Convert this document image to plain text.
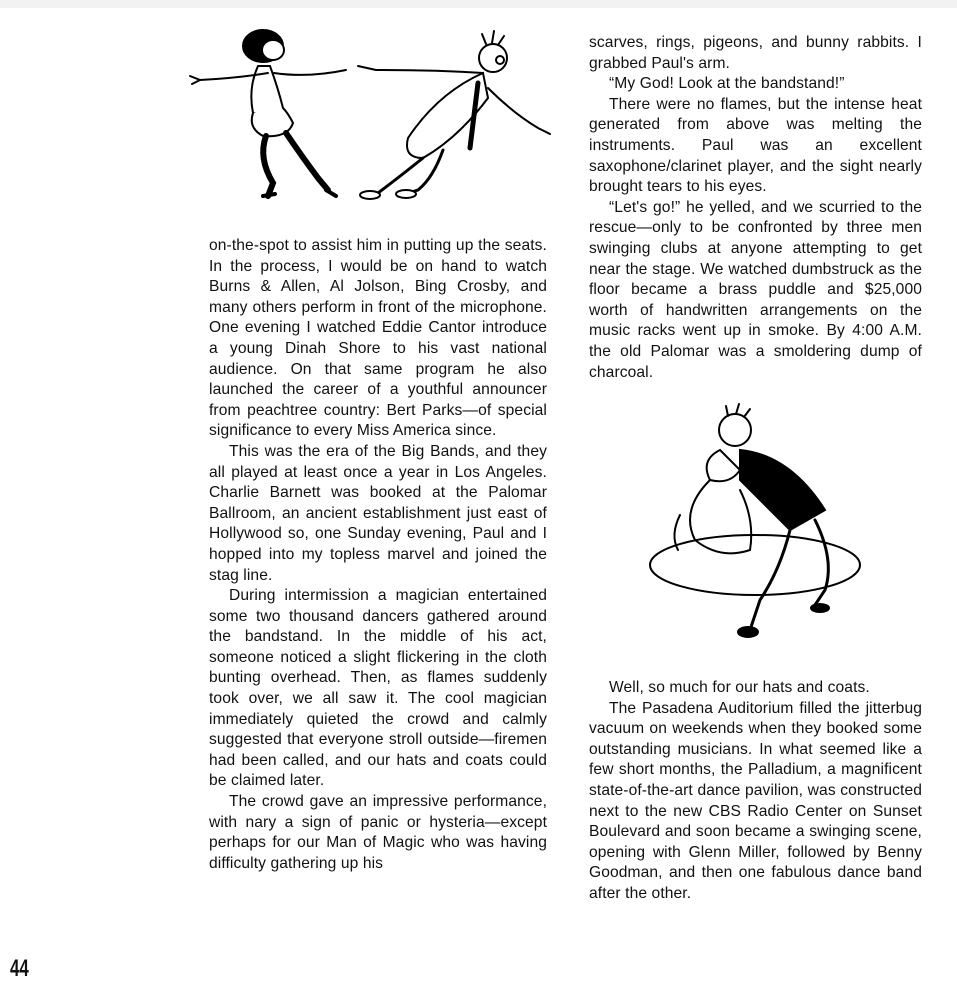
on-the-spot to assist him in putting up the seats. In the process, I would be on hand to watch Burns & Allen, Al Jolson, Bing Crosby, and many others perform in front of the microphone. One evening I watched Eddie Cantor introduce a young Dinah Shore to his vast national audience. On that same program he also launched the career of a youthful announcer from peachtree country: Bert Parks—of special significance to every Miss America since.

This was the era of the Big Bands, and they all played at least once a year in Los Angeles. Charlie Barnett was booked at the Palomar Ballroom, an ancient establishment just east of Hollywood so, one Sunday evening, Paul and I hopped into my topless marvel and joined the stag line.

During intermission a magician entertained some two thousand dancers gathered around the bandstand. In the middle of his act, someone noticed a slight flickering in the cloth bunting overhead. Then, as flames suddenly took over, we all saw it. The cool magician immediately quieted the crowd and calmly suggested that everyone stroll outside—firemen had been called, and our hats and coats could be claimed later.

The crowd gave an impressive performance, with nary a sign of panic or hysteria—except perhaps for our Man of Magic who was having difficulty gathering up his

scarves, rings, pigeons, and bunny rabbits. I grabbed Paul's arm.

“My God! Look at the bandstand!”

There were no flames, but the intense heat generated from above was melting the instruments. Paul was an excellent saxophone/clarinet player, and the sight nearly brought tears to his eyes.

“Let's go!” he yelled, and we scurried to the rescue—only to be confronted by three men swinging clubs at anyone attempting to get near the stage. We watched dumbstruck as the floor became a brass puddle and $25,000 worth of handwritten arrangements on the music racks went up in smoke. By 4:00 A.M. the old Palomar was a smoldering dump of charcoal.

Well, so much for our hats and coats.

The Pasadena Auditorium filled the jitterbug vacuum on weekends when they booked some outstanding musicians. In what seemed like a few short months, the Palladium, a magnificent state-of-the-art dance pavilion, was constructed next to the new CBS Radio Center on Sunset Boulevard and soon became a swinging scene, opening with Glenn Miller, followed by Benny Goodman, and then one fabulous dance band after the other.

44
